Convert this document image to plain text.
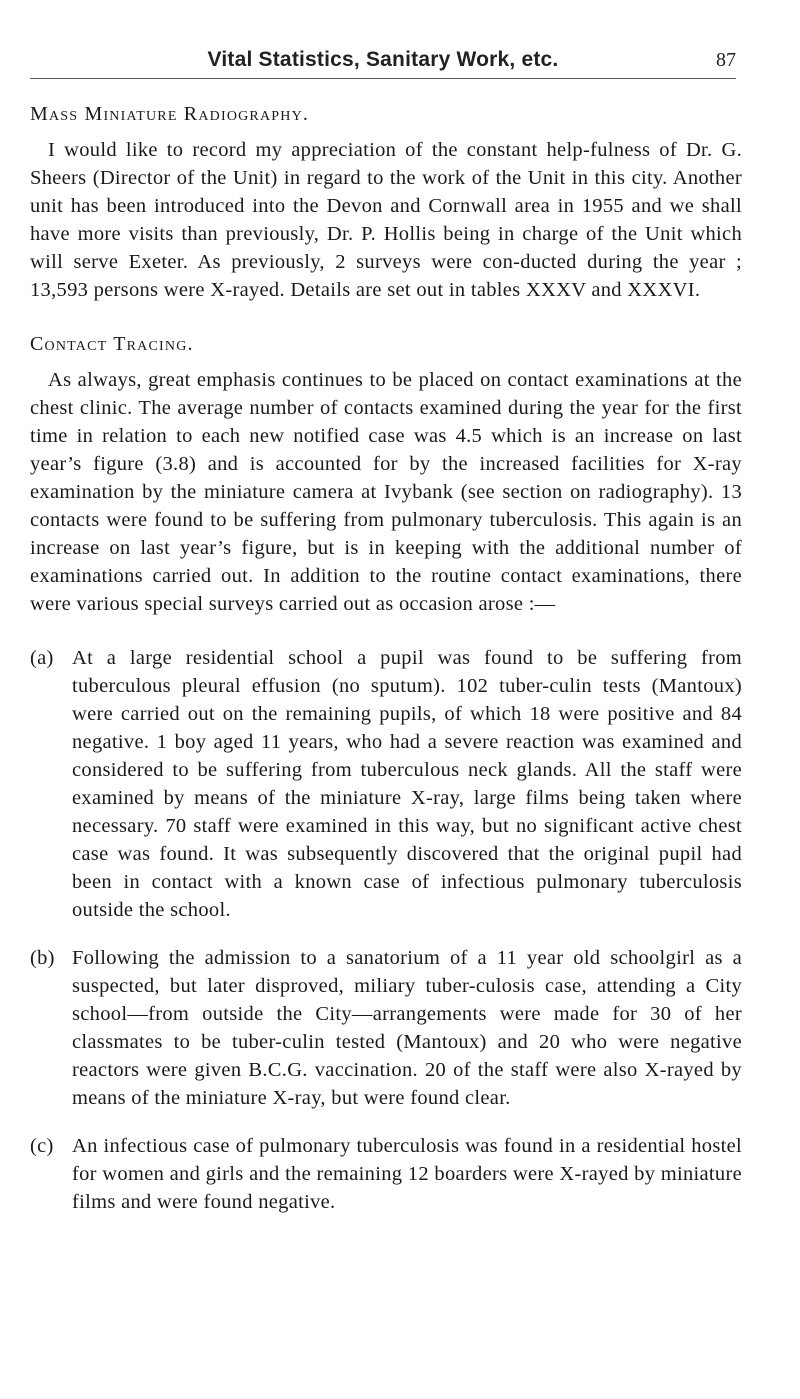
Vital Statistics, Sanitary Work, etc.	87
Mass Miniature Radiography.

I would like to record my appreciation of the constant help-fulness of Dr. G. Sheers (Director of the Unit) in regard to the work of the Unit in this city. Another unit has been introduced into the Devon and Cornwall area in 1955 and we shall have more visits than previously, Dr. P. Hollis being in charge of the Unit which will serve Exeter. As previously, 2 surveys were con-ducted during the year ; 13,593 persons were X-rayed. Details are set out in tables XXXV and XXXVI.

Contact Tracing.

As always, great emphasis continues to be placed on contact examinations at the chest clinic. The average number of contacts examined during the year for the first time in relation to each new notified case was 4.5 which is an increase on last year’s figure (3.8) and is accounted for by the increased facilities for X-ray examination by the miniature camera at Ivybank (see section on radiography). 13 contacts were found to be suffering from pulmonary tuberculosis. This again is an increase on last year’s figure, but is in keeping with the additional number of examinations carried out. In addition to the routine contact examinations, there were various special surveys carried out as occasion arose :—

(a) At a large residential school a pupil was found to be suffering from tuberculous pleural effusion (no sputum). 102 tuber-culin tests (Mantoux) were carried out on the remaining pupils, of which 18 were positive and 84 negative. 1 boy aged 11 years, who had a severe reaction was examined and considered to be suffering from tuberculous neck glands. All the staff were examined by means of the miniature X-ray, large films being taken where necessary. 70 staff were examined in this way, but no significant active chest case was found. It was subsequently discovered that the original pupil had been in contact with a known case of infectious pulmonary tuberculosis outside the school.
(b) Following the admission to a sanatorium of a 11 year old schoolgirl as a suspected, but later disproved, miliary tuber-culosis case, attending a City school—from outside the City—arrangements were made for 30 of her classmates to be tuber-culin tested (Mantoux) and 20 who were negative reactors were given B.C.G. vaccination. 20 of the staff were also X-rayed by means of the miniature X-ray, but were found clear.
(c) An infectious case of pulmonary tuberculosis was found in a residential hostel for women and girls and the remaining 12 boarders were X-rayed by miniature films and were found negative.
